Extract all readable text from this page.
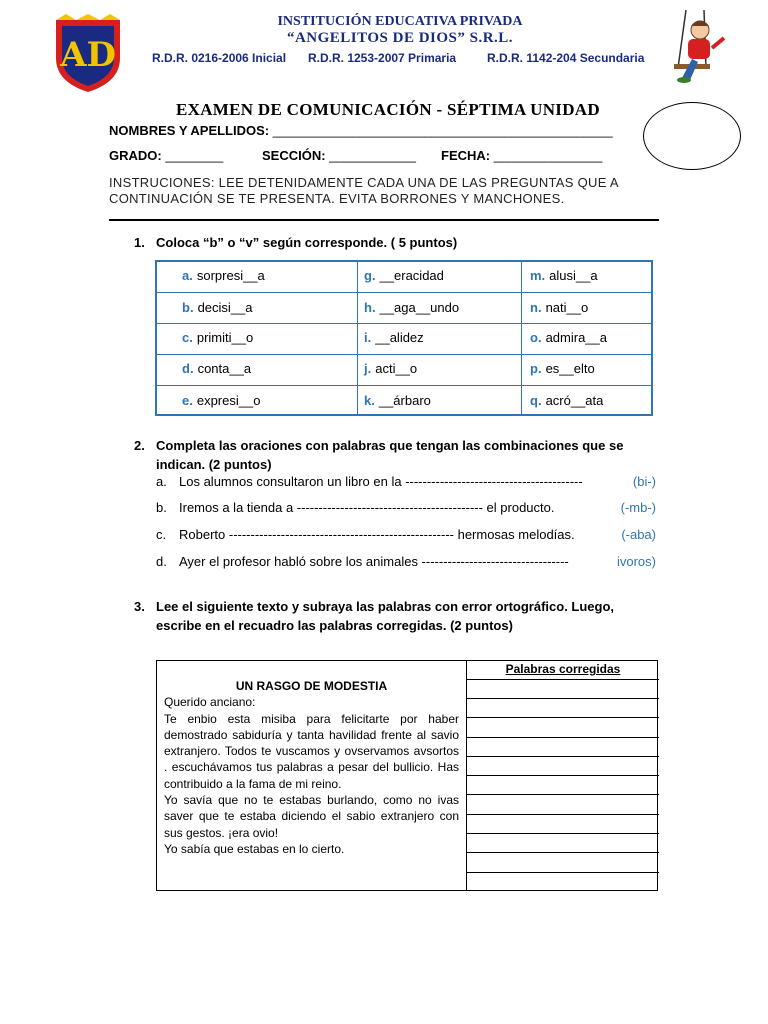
AD
INSTITUCIÓN EDUCATIVA PRIVADA
“ANGELITOS DE DIOS” S.R.L.
R.D.R. 0216-2006 Inicial R.D.R. 1253-2007 Primaria	R.D.R. 1142-204 Secundaria
EXAMEN DE COMUNICACIÓN - SÉPTIMA UNIDAD
NOMBRES Y APELLIDOS: _______________________________________________
GRADO: ________	SECCIÓN: ____________ FECHA: _______________
INSTRUCIONES: LEE DETENIDAMENTE CADA UNA DE LAS PREGUNTAS QUE A CONTINUACIÓN SE TE PRESENTA. EVITA BORRONES Y MANCHONES.
1. Coloca “b” o “v” según corresponde. ( 5 puntos)
a. sorpresi__a	g. __eracidad	m. alusi__a
b. decisi__a	h. __aga__undo	n. nati__o
c. primiti__o	i. __alidez	o. admira__a
d. conta__a	j. acti__o	p. es__elto
e. expresi__o	k. __árbaro	q. acró__ata
2. Completa las oraciones con palabras que tengan las combinaciones que se indican. (2 puntos)
a. Los alumnos consultaron un libro en la -----------------------------------------	(bi-)
b. Iremos a la tienda a ------------------------------------------- el producto.	(-mb-)
c. Roberto ---------------------------------------------------- hermosas melodías.	(-aba)
d. Ayer el profesor habló sobre los animales ----------------------------------	ivoros)
3. Lee el siguiente texto y subraya las palabras con error ortográfico. Luego, escribe en el recuadro las palabras corregidas. (2 puntos)
UN RASGO DE MODESTIA
Querido anciano:
Te enbio esta misiba para felicitarte por haber demostrado sabiduría y tanta havilidad frente al savio extranjero. Todos te vuscamos y ovservamos avsortos . escuchávamos tus palabras a pesar del bullicio. Has contribuido a la fama de mi reino.
Yo savía que no te estabas burlando, como no ivas saver que te estaba diciendo el sabio extranjero con sus gestos. ¡era ovio!
Yo sabía que estabas en lo cierto.
Palabras corregidas
